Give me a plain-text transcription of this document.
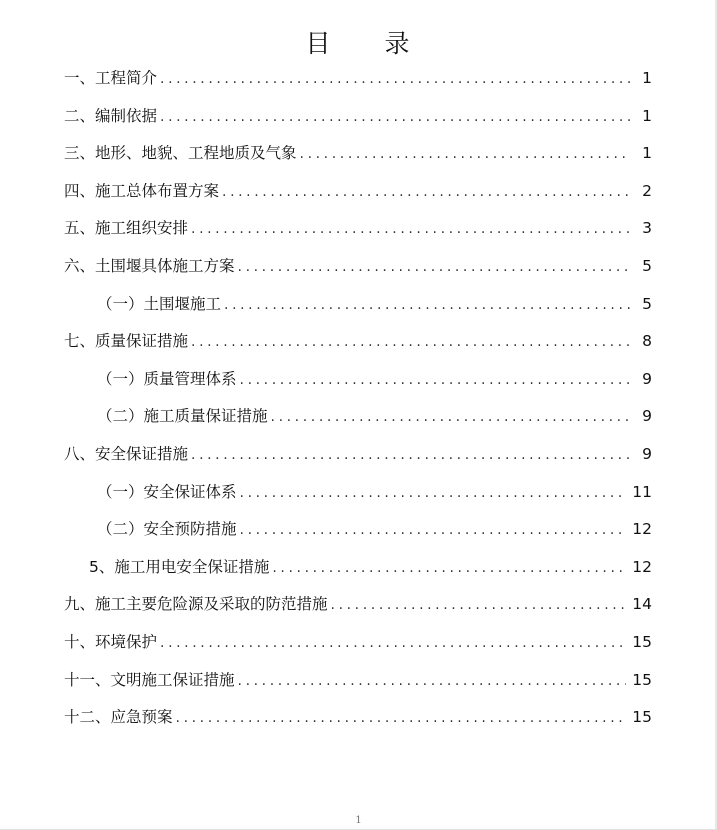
目 录
一、工程简介 .....	1
二、编制依据 .....	1
三、地形、地貌、工程地质及气象 .....	1
四、施工总体布置方案 .....	2
五、施工组织安排 .....	3
六、土围堰具体施工方案 .....	5
（一）土围堰施工 .....	5
七、质量保证措施 .....	8
（一）质量管理体系 .....	9
（二）施工质量保证措施 .....	9
八、安全保证措施 .....	9
（一）安全保证体系 .....	11
（二）安全预防措施 .....	12
5、施工用电安全保证措施 .....	12
九、施工主要危险源及采取的防范措施 .....	14
十、环境保护 .....	15
十一、文明施工保证措施 .....	15
十二、应急预案 .....	15
1
